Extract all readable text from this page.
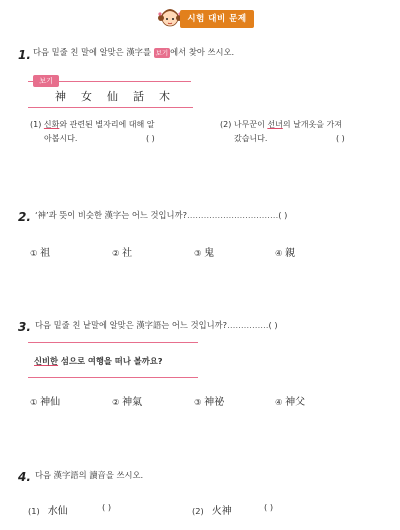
시험 대비 문제
1. 다음 밑줄 친 말에 알맞은 漢字를 보기 에서 찾아 쓰시오.
보기
神 女 仙 話 木
(1) 신화와 관련된 별자리에 대해 알
아봅시다.	( )
(2) 나무꾼이 선녀의 날개옷을 가져
갔습니다.	( )
2. ‘神’과 뜻이 비슷한 漢字는 어느 것입니까?……………………………( )
① 祖	② 社	③ 鬼	④ 親
3. 다음 밑줄 친 낱말에 알맞은 漢字語는 어느 것입니까?……………( )
신비한 섬으로 여행을 떠나 볼까요?
① 神仙	② 神氣	③ 神祕	④ 神父
4. 다음 漢字語의 讀音을 쓰시오.
(1) 水仙	( )	(2) 火神	( )
